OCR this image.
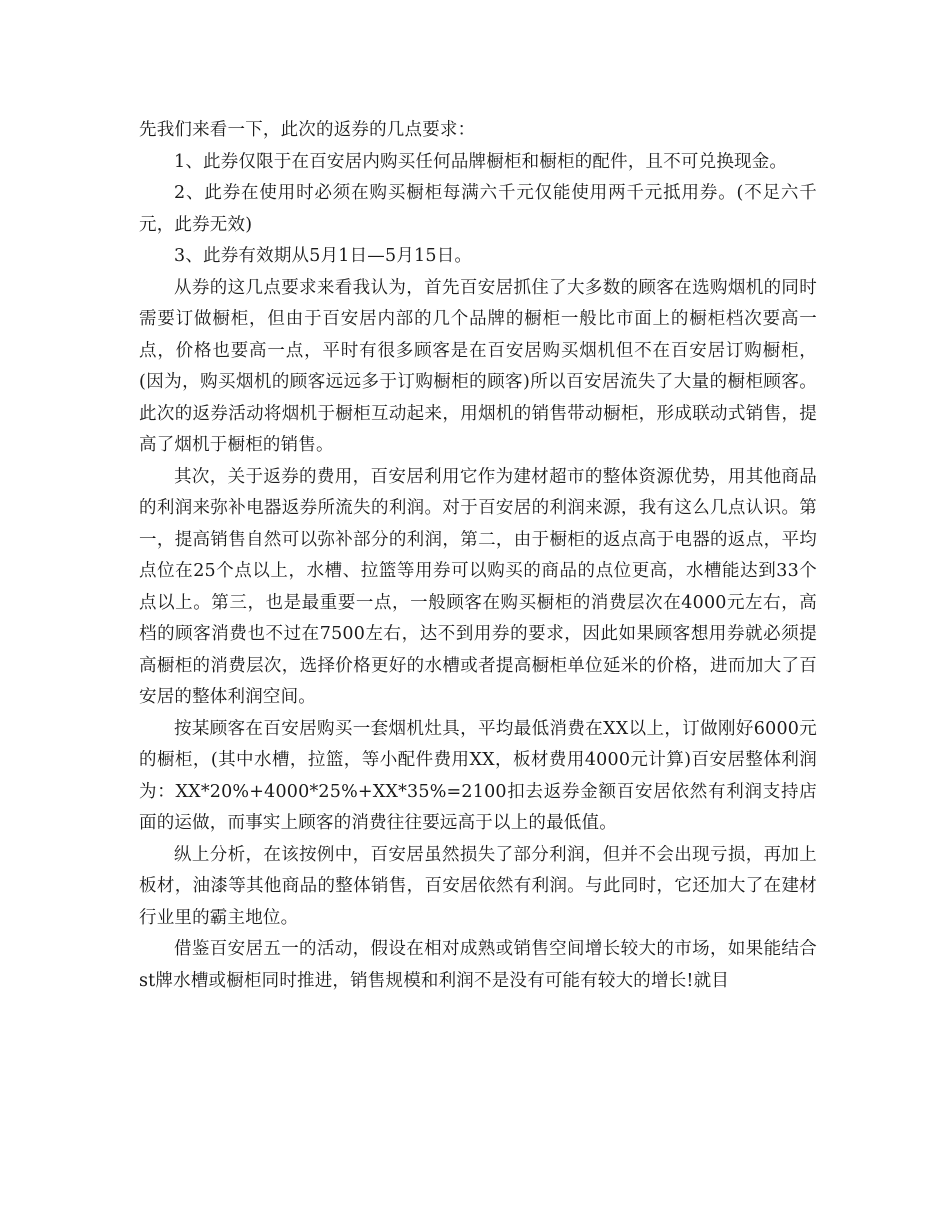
先我们来看一下，此次的返券的几点要求：

1、此券仅限于在百安居内购买任何品牌橱柜和橱柜的配件，且不可兑换现金。

2、此券在使用时必须在购买橱柜每满六千元仅能使用两千元抵用券。(不足六千元，此券无效)

3、此券有效期从5月1日—5月15日。

从券的这几点要求来看我认为，首先百安居抓住了大多数的顾客在选购烟机的同时需要订做橱柜，但由于百安居内部的几个品牌的橱柜一般比市面上的橱柜档次要高一点，价格也要高一点，平时有很多顾客是在百安居购买烟机但不在百安居订购橱柜，(因为，购买烟机的顾客远远多于订购橱柜的顾客)所以百安居流失了大量的橱柜顾客。此次的返券活动将烟机于橱柜互动起来，用烟机的销售带动橱柜，形成联动式销售，提高了烟机于橱柜的销售。

其次，关于返券的费用，百安居利用它作为建材超市的整体资源优势，用其他商品的利润来弥补电器返券所流失的利润。对于百安居的利润来源，我有这么几点认识。第一，提高销售自然可以弥补部分的利润，第二，由于橱柜的返点高于电器的返点，平均点位在25个点以上，水槽、拉篮等用券可以购买的商品的点位更高，水槽能达到33个点以上。第三，也是最重要一点，一般顾客在购买橱柜的消费层次在4000元左右，高档的顾客消费也不过在7500左右，达不到用券的要求，因此如果顾客想用券就必须提高橱柜的消费层次，选择价格更好的水槽或者提高橱柜单位延米的价格，进而加大了百安居的整体利润空间。

按某顾客在百安居购买一套烟机灶具，平均最低消费在XX以上，订做刚好6000元的橱柜，(其中水槽，拉篮，等小配件费用XX，板材费用4000元计算)百安居整体利润为：XX*20%+4000*25%+XX*35%=2100扣去返券金额百安居依然有利润支持店面的运做，而事实上顾客的消费往往要远高于以上的最低值。

纵上分析，在该按例中，百安居虽然损失了部分利润，但并不会出现亏损，再加上板材，油漆等其他商品的整体销售，百安居依然有利润。与此同时，它还加大了在建材行业里的霸主地位。

借鉴百安居五一的活动，假设在相对成熟或销售空间增长较大的市场，如果能结合st牌水槽或橱柜同时推进，销售规模和利润不是没有可能有较大的增长!就目
